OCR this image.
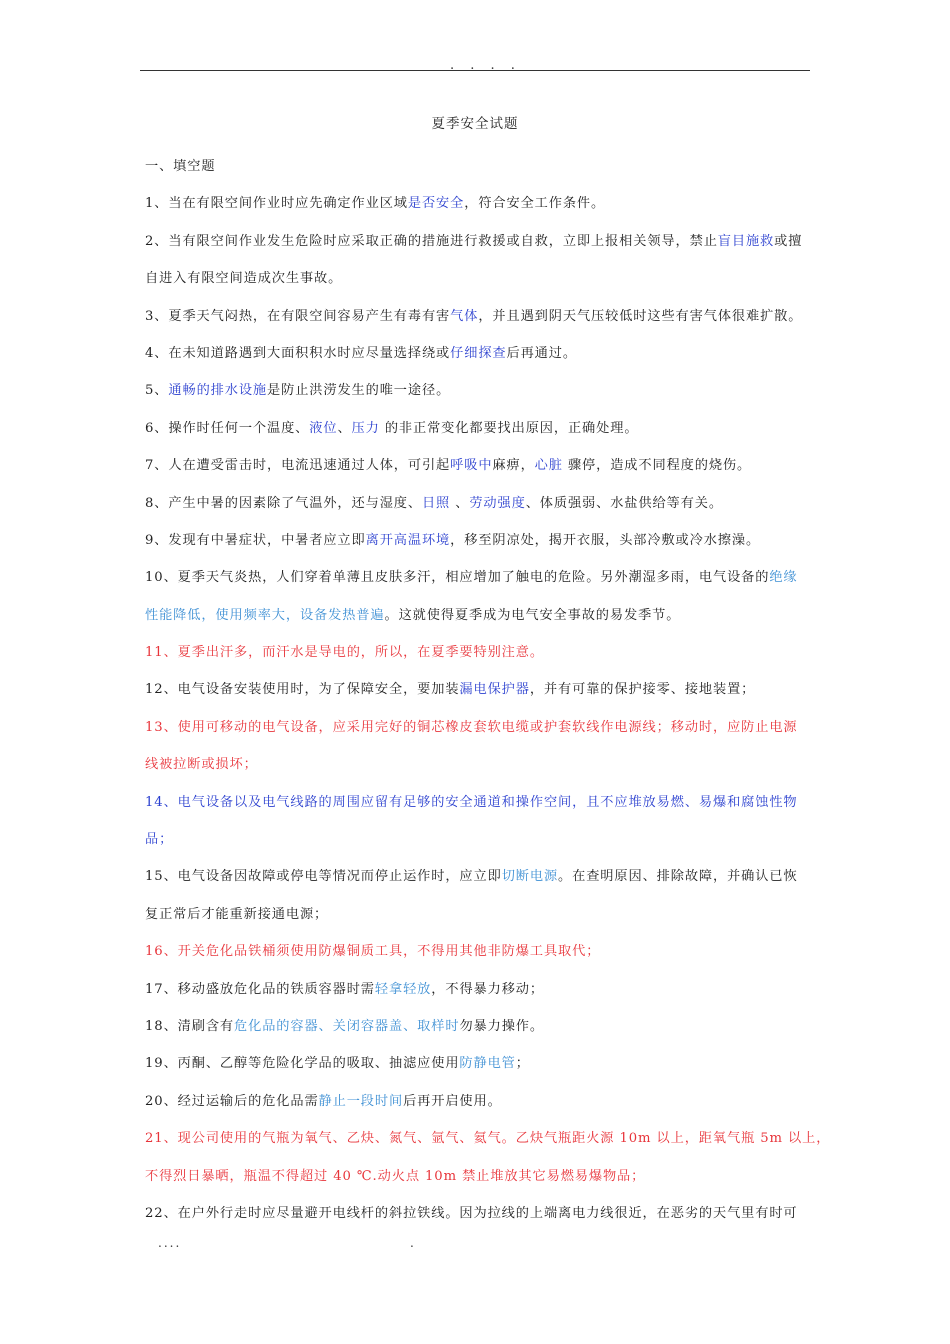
. . . .
夏季安全试题
一、填空题
1、当在有限空间作业时应先确定作业区域是否安全，符合安全工作条件。
2、当有限空间作业发生危险时应采取正确的措施进行救援或自救，立即上报相关领导，禁止盲目施救或擅
自进入有限空间造成次生事故。
3、夏季天气闷热，在有限空间容易产生有毒有害气体，并且遇到阴天气压较低时这些有害气体很难扩散。
4、在未知道路遇到大面积积水时应尽量选择绕或仔细探查后再通过。
5、通畅的排水设施是防止洪涝发生的唯一途径。
6、操作时任何一个温度、液位、压力 的非正常变化都要找出原因，正确处理。
7、人在遭受雷击时，电流迅速通过人体，可引起呼吸中麻痹，心脏 骤停，造成不同程度的烧伤。
8、产生中暑的因素除了气温外，还与湿度、日照 、劳动强度、体质强弱、水盐供给等有关。
9、发现有中暑症状，中暑者应立即离开高温环境，移至阴凉处，揭开衣服，头部冷敷或冷水擦澡。
10、夏季天气炎热，人们穿着单薄且皮肤多汗，相应增加了触电的危险。另外潮湿多雨，电气设备的绝缘
性能降低，使用频率大，设备发热普遍。这就使得夏季成为电气安全事故的易发季节。
11、夏季出汗多，而汗水是导电的，所以，在夏季要特别注意。
12、电气设备安装使用时，为了保障安全，要加装漏电保护器，并有可靠的保护接零、接地装置；
13、使用可移动的电气设备，应采用完好的铜芯橡皮套软电缆或护套软线作电源线；移动时，应防止电源
线被拉断或损坏；
14、电气设备以及电气线路的周围应留有足够的安全通道和操作空间，且不应堆放易燃、易爆和腐蚀性物
品；
15、电气设备因故障或停电等情况而停止运作时，应立即切断电源。在查明原因、排除故障，并确认已恢
复正常后才能重新接通电源；
16、开关危化品铁桶须使用防爆铜质工具，不得用其他非防爆工具取代；
17、移动盛放危化品的铁质容器时需轻拿轻放，不得暴力移动；
18、清刷含有危化品的容器、关闭容器盖、取样时勿暴力操作。
19、丙酮、乙醇等危险化学品的吸取、抽滤应使用防静电管；
20、经过运输后的危化品需静止一段时间后再开启使用。
21、现公司使用的气瓶为氧气、乙炔、氮气、氩气、氦气。乙炔气瓶距火源 10m 以上，距氧气瓶 5m 以上，
不得烈日暴晒，瓶温不得超过 40 ℃.动火点 10m 禁止堆放其它易燃易爆物品；
22、在户外行走时应尽量避开电线杆的斜拉铁线。因为拉线的上端离电力线很近，在恶劣的天气里有时可
....	.
